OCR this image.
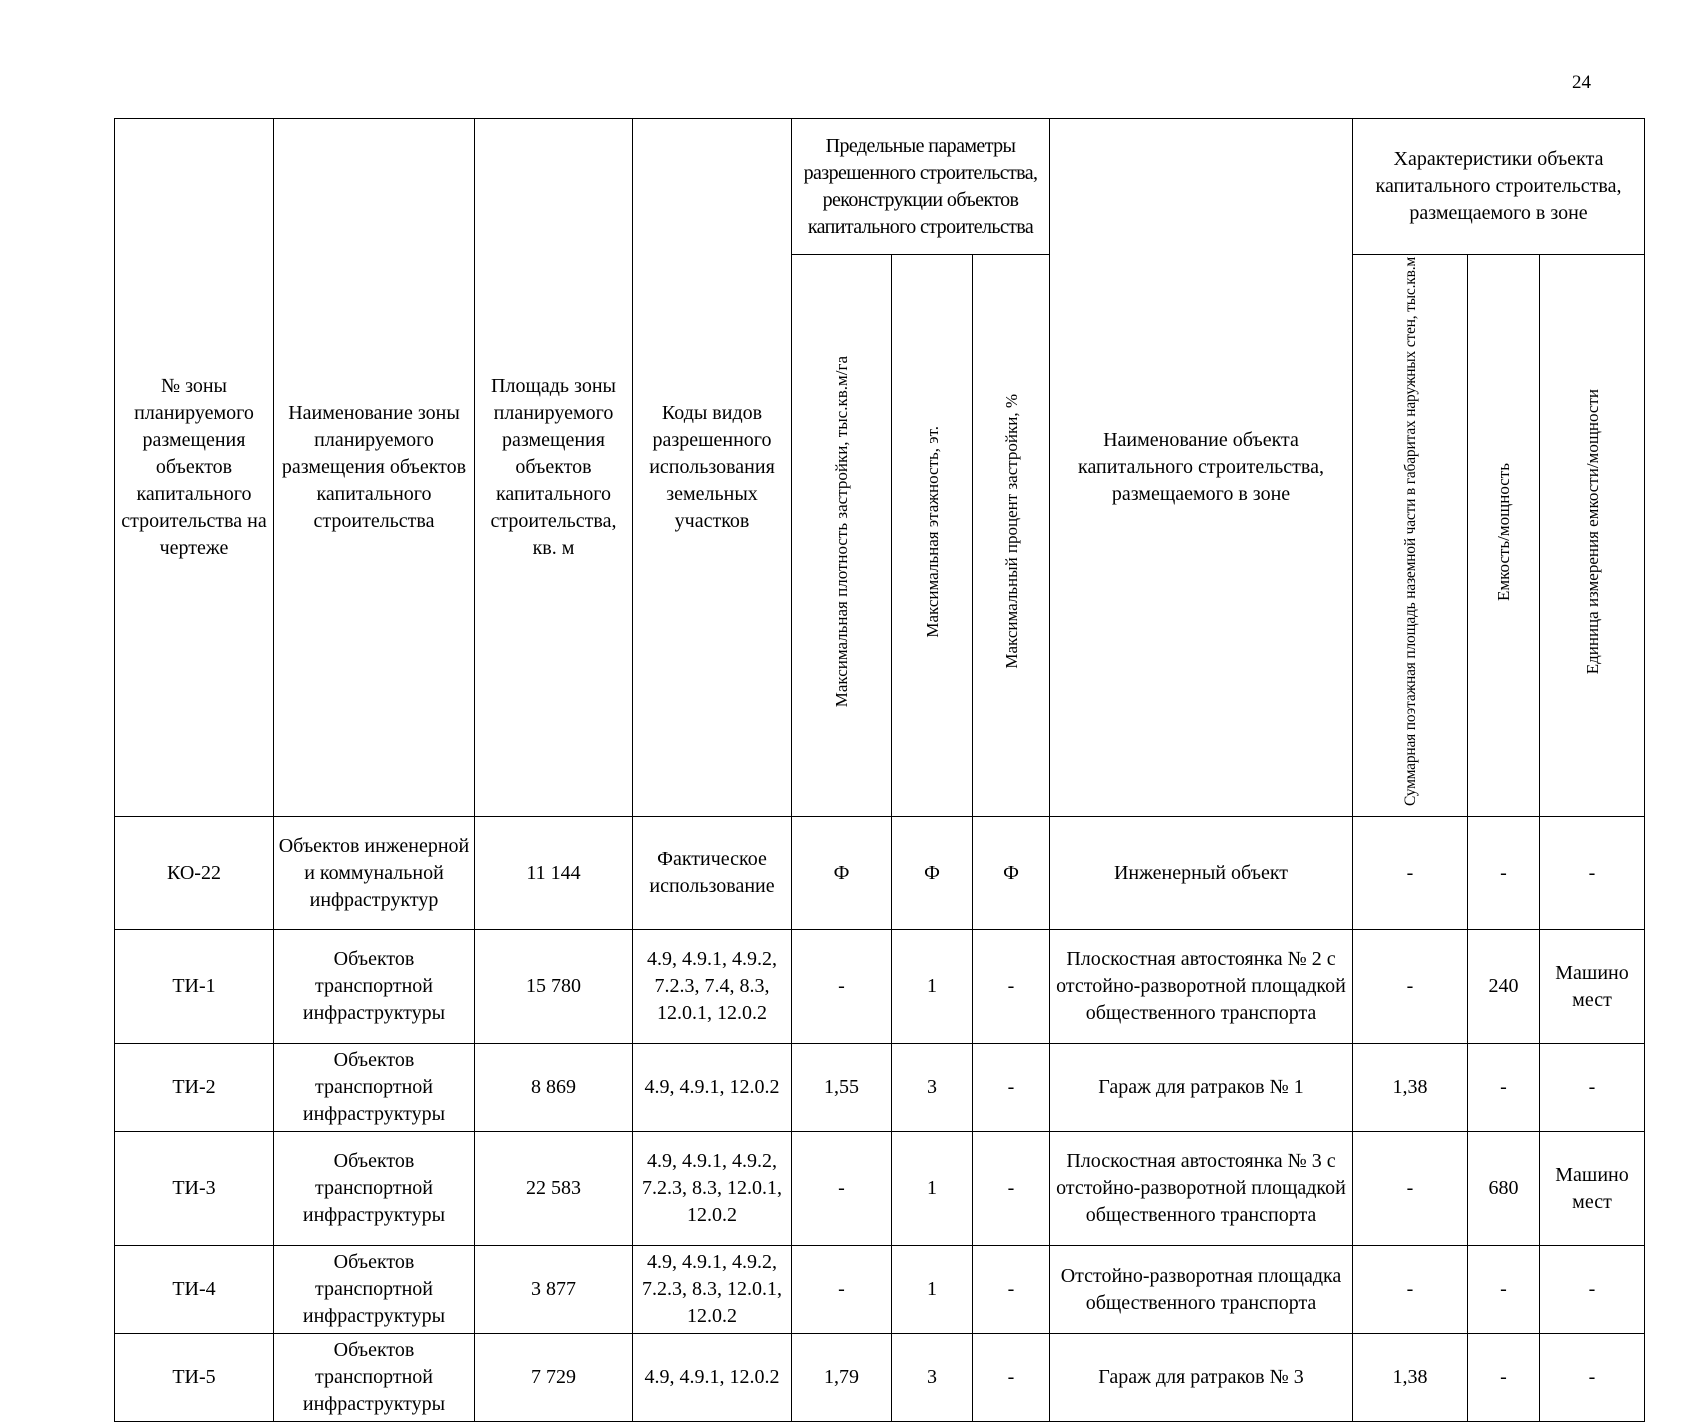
24
№ зоны планируемого размещения объектов капитального строительства на чертеже	Наименование зоны планируемого размещения объектов капитального строительства	Площадь зоны планируемого размещения объектов капитального строительства, кв. м	Коды видов разрешенного использования земельных участков	Предельные параметры разрешенного строительства, реконструкции объектов капитального строительства			Наименование объекта капитального строительства, размещаемого в зоне	Характеристики объекта капитального строительства, размещаемого в зоне		
				Максимальная плотность застройки, тыс.кв.м/га	Максимальная этажность, эт.	Максимальный процент застройки, %		Суммарная поэтажная площадь наземной части в габаритах наружных стен, тыс.кв.м	Емкость/мощность	Единица измерения емкости/мощности
КО-22	Объектов инженерной и коммунальной инфраструктур	11 144	Фактическое использование	Ф	Ф	Ф	Инженерный объект	-	-	-
ТИ-1	Объектов транспортной инфраструктуры	15 780	4.9, 4.9.1, 4.9.2, 7.2.3, 7.4, 8.3, 12.0.1, 12.0.2	-	1	-	Плоскостная автостоянка № 2 с отстойно-разворотной площадкой общественного транспорта	-	240	Машино мест
ТИ-2	Объектов транспортной инфраструктуры	8 869	4.9, 4.9.1, 12.0.2	1,55	3	-	Гараж для ратраков № 1	1,38	-	-
ТИ-3	Объектов транспортной инфраструктуры	22 583	4.9, 4.9.1, 4.9.2, 7.2.3, 8.3, 12.0.1, 12.0.2	-	1	-	Плоскостная автостоянка № 3 с отстойно-разворотной площадкой общественного транспорта	-	680	Машино мест
ТИ-4	Объектов транспортной инфраструктуры	3 877	4.9, 4.9.1, 4.9.2, 7.2.3, 8.3, 12.0.1, 12.0.2	-	1	-	Отстойно-разворотная площадка общественного транспорта	-	-	-
ТИ-5	Объектов транспортной инфраструктуры	7 729	4.9, 4.9.1, 12.0.2	1,79	3	-	Гараж для ратраков № 3	1,38	-	-
